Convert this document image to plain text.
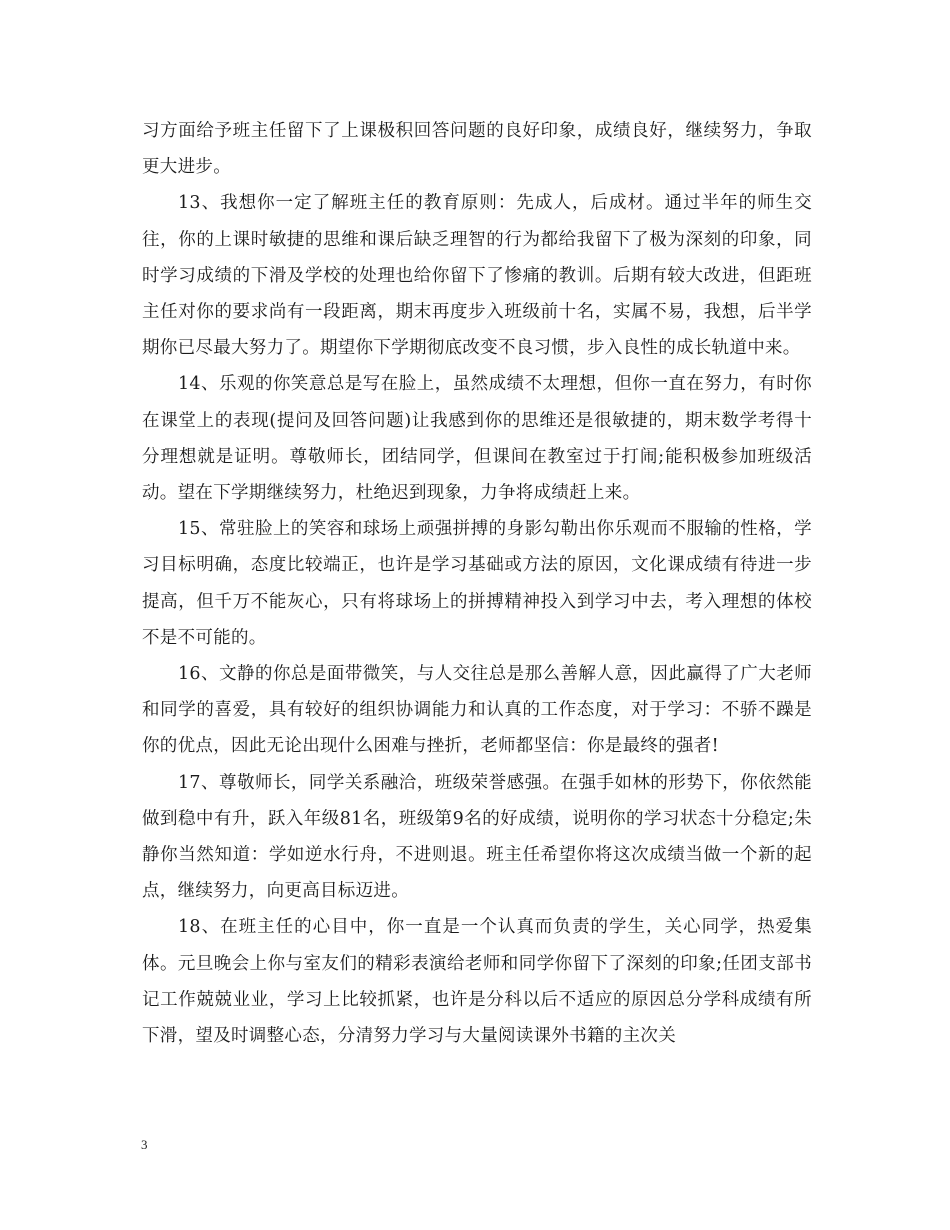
习方面给予班主任留下了上课极积回答问题的良好印象，成绩良好，继续努力，争取更大进步。

13、我想你一定了解班主任的教育原则：先成人，后成材。通过半年的师生交往，你的上课时敏捷的思维和课后缺乏理智的行为都给我留下了极为深刻的印象，同时学习成绩的下滑及学校的处理也给你留下了惨痛的教训。后期有较大改进，但距班主任对你的要求尚有一段距离，期末再度步入班级前十名，实属不易，我想，后半学期你已尽最大努力了。期望你下学期彻底改变不良习惯，步入良性的成长轨道中来。

14、乐观的你笑意总是写在脸上，虽然成绩不太理想，但你一直在努力，有时你在课堂上的表现(提问及回答问题)让我感到你的思维还是很敏捷的，期末数学考得十分理想就是证明。尊敬师长，团结同学，但课间在教室过于打闹;能积极参加班级活动。望在下学期继续努力，杜绝迟到现象，力争将成绩赶上来。

15、常驻脸上的笑容和球场上顽强拼搏的身影勾勒出你乐观而不服输的性格，学习目标明确，态度比较端正，也许是学习基础或方法的原因，文化课成绩有待进一步提高，但千万不能灰心，只有将球场上的拼搏精神投入到学习中去，考入理想的体校不是不可能的。

16、文静的你总是面带微笑，与人交往总是那么善解人意，因此赢得了广大老师和同学的喜爱，具有较好的组织协调能力和认真的工作态度，对于学习：不骄不躁是你的优点，因此无论出现什么困难与挫折，老师都坚信：你是最终的强者!

17、尊敬师长，同学关系融洽，班级荣誉感强。在强手如林的形势下，你依然能做到稳中有升，跃入年级81名，班级第9名的好成绩，说明你的学习状态十分稳定;朱静你当然知道：学如逆水行舟，不进则退。班主任希望你将这次成绩当做一个新的起点，继续努力，向更高目标迈进。

18、在班主任的心目中，你一直是一个认真而负责的学生，关心同学，热爱集体。元旦晚会上你与室友们的精彩表演给老师和同学你留下了深刻的印象;任团支部书记工作兢兢业业，学习上比较抓紧，也许是分科以后不适应的原因总分学科成绩有所下滑，望及时调整心态，分清努力学习与大量阅读课外书籍的主次关

3
